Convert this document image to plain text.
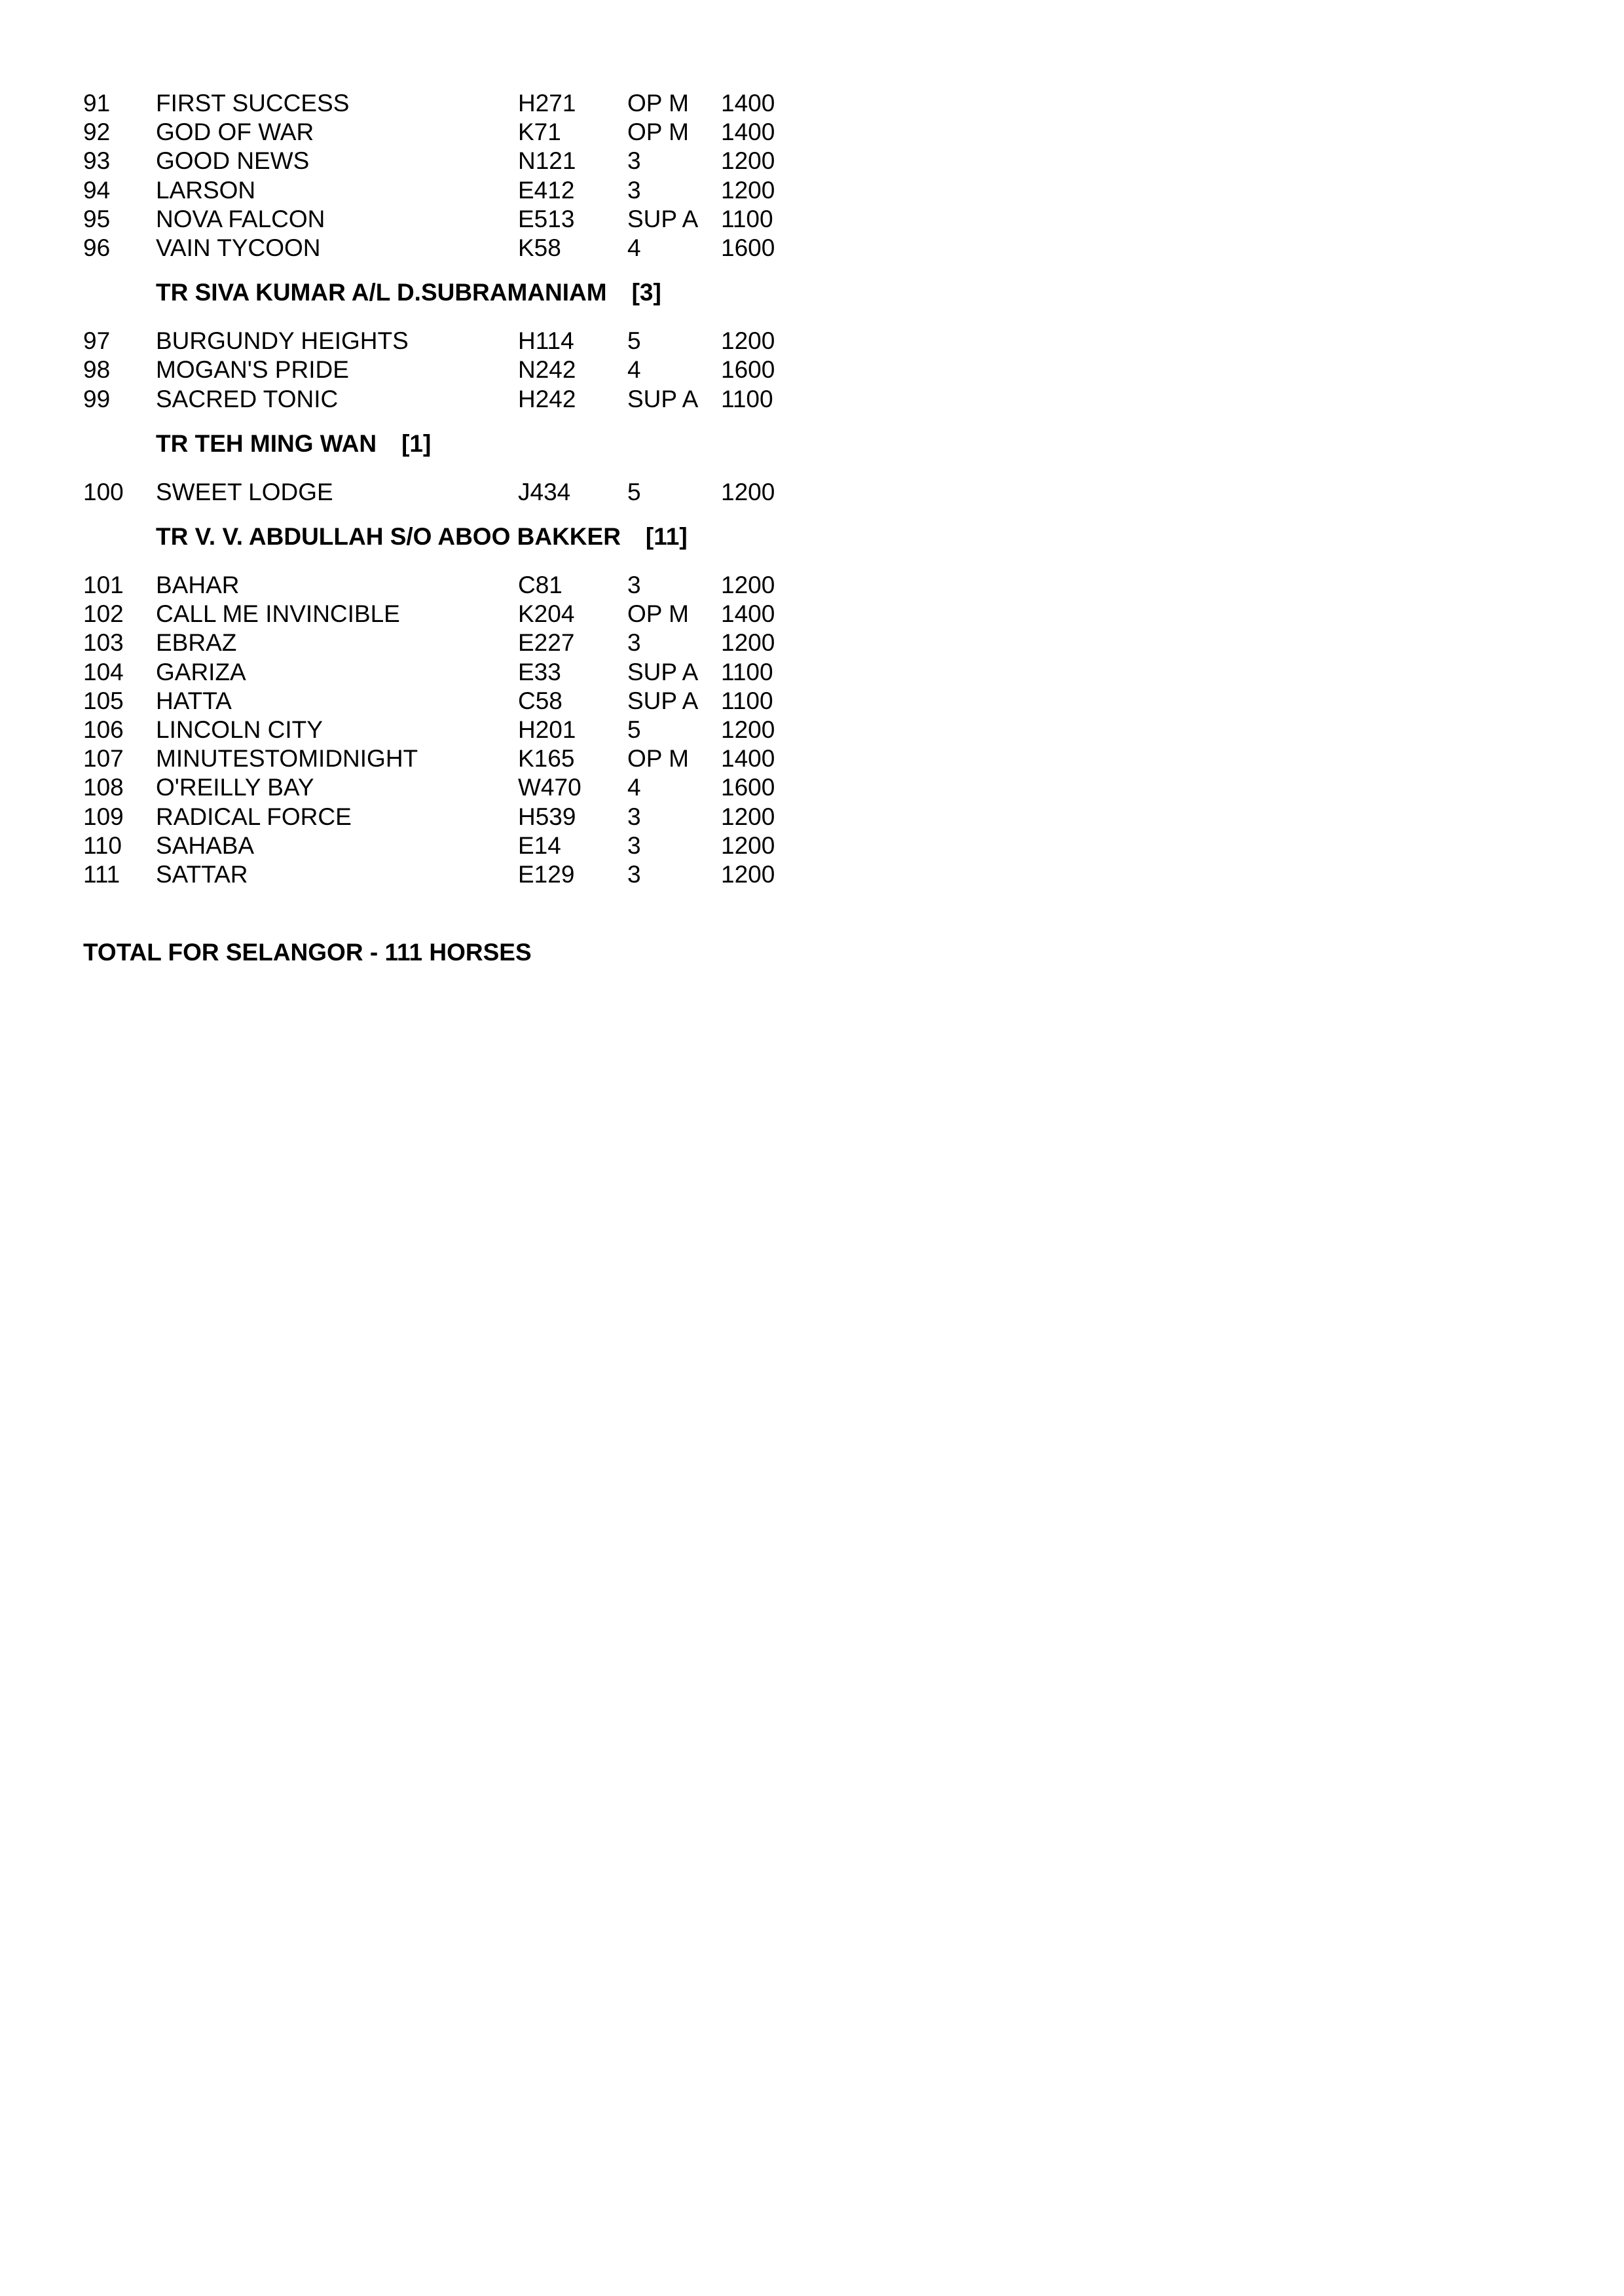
91 FIRST SUCCESS	H271 OP M 1400
92 GOD OF WAR	K71	OP M 1400
93 GOOD NEWS	N121 3	1200
94 LARSON	E412 3	1200
95 NOVA FALCON	E513 SUP A 1100
96 VAIN TYCOON	K58	4	1600
TR SIVA KUMAR A/L D.SUBRAMANIAM [3]
97 BURGUNDY HEIGHTS	H114 5	1200
98 MOGAN'S PRIDE	N242 4	1600
99 SACRED TONIC	H242 SUP A 1100
TR TEH MING WAN [1]
100 SWEET LODGE	J434 5	1200
TR V. V. ABDULLAH S/O ABOO BAKKER [11]
101 BAHAR	C81	3	1200
102 CALL ME INVINCIBLE	K204 OP M 1400
103 EBRAZ	E227 3	1200
104 GARIZA	E33	SUP A 1100
105 HATTA	C58	SUP A 1100
106 LINCOLN CITY	H201 5	1200
107 MINUTESTOMIDNIGHT	K165 OP M 1400
108 O'REILLY BAY	W470 4	1600
109 RADICAL FORCE	H539 3	1200
110 SAHABA	E14	3	1200
111 SATTAR	E129 3	1200
TOTAL FOR SELANGOR - 111 HORSES
